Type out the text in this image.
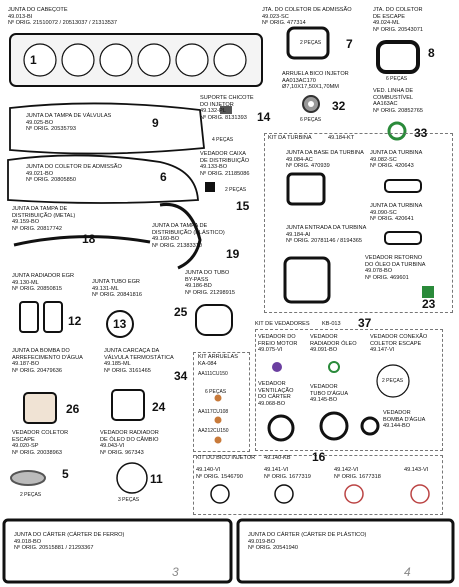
JUNTA DO CABEÇOTE
49.013-BI
Nº ORIG. 21510072 / 20513037 / 21313537
1
JTA. DO COLETOR DE ADMISSÃO
49.023-SC
Nº ORIG. 477314
2 PEÇAS 7
JTA. DO COLETOR
DE ESCAPE
49.024-ML
Nº ORIG. 20543071
6 PEÇAS
8
ARRUELA BICO INJETOR
AA013AC170
Ø7,10X17,50X1,70MM
6 PEÇAS
32
VED. LINHA DE
COMBUSTÍVEL
AA163AC
Nº ORIG. 20852765
33
JUNTA DA TAMPA DE VÁLVULAS
49.025-BO
Nº ORIG. 20535793	9
SUPORTE CHICOTE
DO INJETOR
49.132-PL
Nº ORIG. 8131393
4 PEÇAS
14
JUNTA DO COLETOR DE ADMISSÃO
49.021-BO
Nº ORIG. 20805850	6
VEDADOR CAIXA
DE DISTRIBUIÇÃO
49.133-BO
Nº ORIG. 21185086
2 PEÇAS
15
KIT DA TURBINA	49.184-KT
JUNTA DA BASE DA TURBINA
49.084-AC
Nº ORIG. 470939
JUNTA DA TURBINA
49.082-SC
Nº ORIG. 420643
JUNTA DA TURBINA
49.090-SC
Nº ORIG. 420641
JUNTA ENTRADA DA TURBINA
49.184-AI
Nº ORIG. 20781146 / 8194365
VEDADOR RETORNO
DO ÓLEO DA TURBINA
49.078-BO
Nº ORIG. 469601
23
JUNTA DA TAMPA DE
DISTRIBUIÇÃO (METAL)
49.159-BO
Nº ORIG. 20817742
18
JUNTA DA TAMPA DE
DISTRIBUIÇÃO (PLÁSTICO)
49.160-BO
Nº ORIG. 21383310
19
JUNTA RADIADOR EGR
49.130-ML
Nº ORIG. 20850815
12
JUNTA TUBO EGR
49.131-ML
Nº ORIG. 20841816
13
JUNTA DO TUBO
BY-PASS
49.186-BD
Nº ORIG. 21298915
25
KIT DE VEDADORES KB-013 37
VEDADOR DO
FREIO MOTOR
49.075-VI
VEDADOR
RADIADOR ÓLEO
49.091-BO
VEDADOR CONEXÃO
COLETOR ESCAPE
49.147-VI
2 PEÇAS
VEDADOR
VENTILAÇÃO
DO CÁRTER
49.068-BO
VEDADOR
TUBO D'ÁGUA
49.145-BO
VEDADOR
BOMBA D'ÁGUA
49.144-BO
JUNTA DA BOMBA DO
ARREFECIMENTO D'ÁGUA
49.187-BO
Nº ORIG. 20479636
26
JUNTA CARCAÇA DA
VÁLVULA TERMOSTÁTICA
49.185-ML
Nº ORIG. 3161465
24
KIT ARRUELAS
KA-084
AA111CU150
6 PEÇAS
AA117CU108
AA212CU150
34
VEDADOR COLETOR
ESCAPE
49.020-SP
Nº ORIG. 20038963
2 PEÇAS
5
VEDADOR RADIADOR
DE ÓLEO DO CÂMBIO
49.043-VI
Nº ORIG. 967343
3 PEÇAS
11
KIT DO BICO INJETOR 49.140-KB 16
49.140-VI
Nº ORIG. 1546790
49.141-VI
Nº ORIG. 1677319
49.142-VI
Nº ORIG. 1677318
49.143-VI
JUNTA DO CÁRTER (CÁRTER DE FERRO)
49.018-BO
Nº ORIG. 20515881 / 21293367
3
JUNTA DO CÁRTER (CÁRTER DE PLÁSTICO)
49.019-BO
Nº ORIG. 20541940
4
